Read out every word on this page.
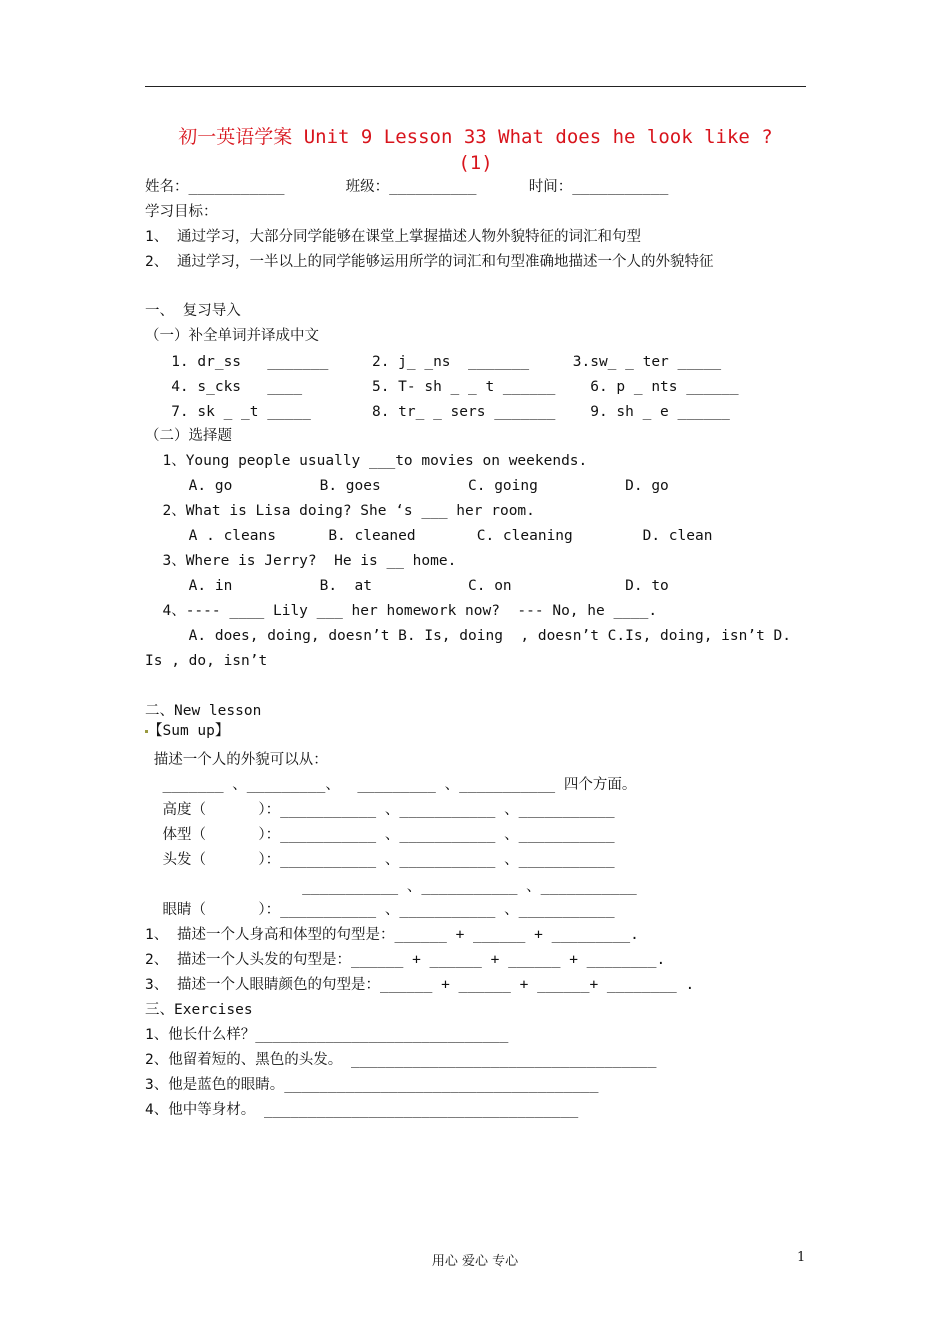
初一英语学案 Unit 9 Lesson 33 What does he look like ?
(1)
姓名：___________       班级：__________      时间：___________
学习目标：
1、 通过学习，大部分同学能够在课堂上掌握描述人物外貌特征的词汇和句型
2、 通过学习，一半以上的同学能够运用所学的词汇和句型准确地描述一个人的外貌特征
一、 复习导入
（一）补全单词并译成中文
1. dr_ss   _______     2. j_ _ns  _______     3.sw_ _ ter _____
4. s_cks   ____        5. T- sh _ _ t ______    6. p _ nts ______
7. sk _ _t _____       8. tr_ _ sers _______    9. sh _ e ______
（二）选择题
1、Young people usually ___to movies on weekends.
A. go          B. goes          C. going          D. go
2、What is Lisa doing? She ‘s ___ her room.
A . cleans      B. cleaned       C. cleaning        D. clean
3、Where is Jerry?  He is __ home.
A. in          B.  at           C. on             D. to
4、---- ____ Lily ___ her homework now?  --- No, he ____.
A. does, doing, doesn’t B. Is, doing  , doesn’t C.Is, doing, isn’t D.
Is , do, isn’t
二、New lesson
【Sum up】
描述一个人的外貌可以从：
_______ 、_________、  _________ 、___________ 四个方面。
高度（      ）：___________ 、___________ 、___________
体型（      ）：___________ 、___________ 、___________
头发（      ）：___________ 、___________ 、___________
___________ 、___________ 、___________
眼睛（      ）：___________ 、___________ 、___________
1、 描述一个人身高和体型的句型是：______ + ______ + _________.
2、 描述一个人头发的句型是：______ + ______ + ______ + ________.
3、 描述一个人眼睛颜色的句型是：______ + ______ + ______+ ________ .
三、Exercises
1、他长什么样？_____________________________
2、他留着短的、黑色的头发。 ___________________________________
3、他是蓝色的眼睛。____________________________________
4、他中等身材。 ____________________________________
用心 爱心 专心	1
